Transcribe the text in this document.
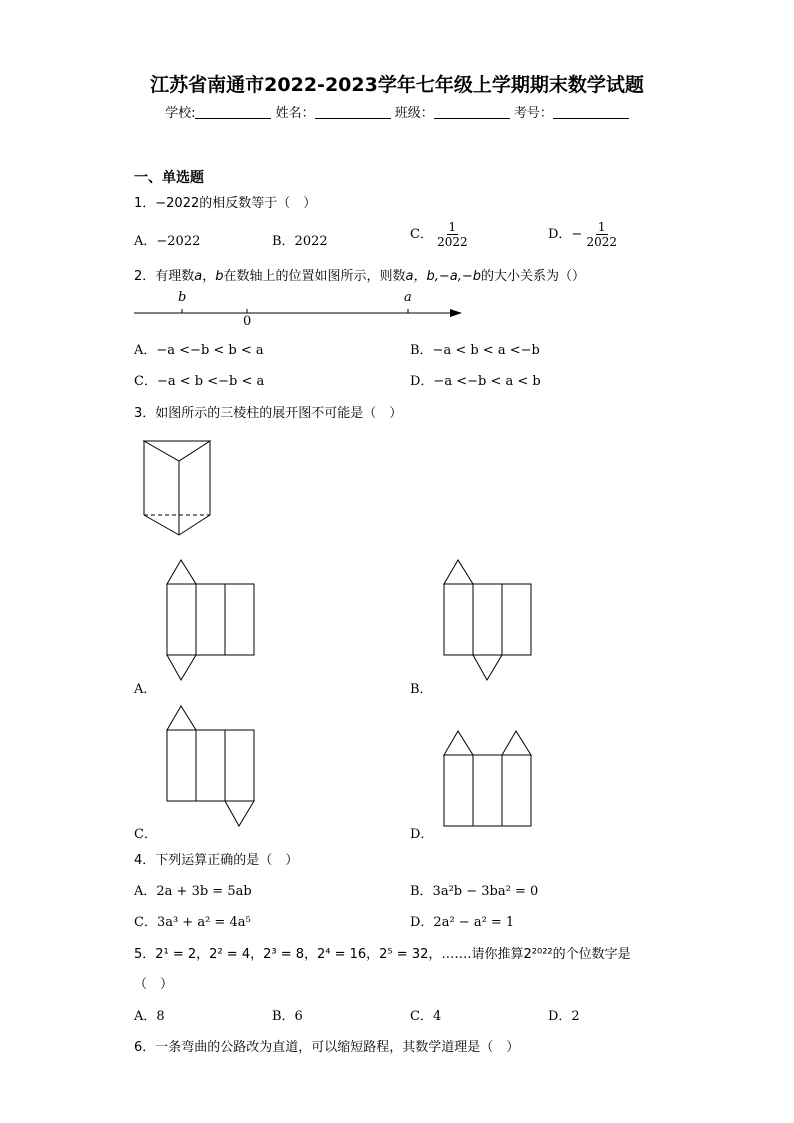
江苏省南通市2022-2023学年七年级上学期期末数学试题
学校:	姓名：	班级：	考号：
一、单选题
1．−2022的相反数等于（　）
A．−2022	B．2022	C． $\frac{1}{2022}$	D．− $\frac{1}{2022}$
2．有理数a，b在数轴上的位置如图所示，则数a，b,−a,−b的大小关系为（）
b
0
a
A．−a <−b < b < a	B．−a < b < a <−b
C．−a < b <−b < a	D．−a <−b < a < b
3．如图所示的三棱柱的展开图不可能是（　）
A．	B．
C．	D．
4．下列运算正确的是（　）
A．2a + 3b = 5ab	B．3a²b − 3ba² = 0
C．3a³ + a² = 4a⁵	D．2a² − a² = 1
5．2¹ = 2，2² = 4，2³ = 8，2⁴ = 16，2⁵ = 32，…….请你推算2²⁰²²的个位数字是
（　）
A．8	B．6	C．4	D．2
6．一条弯曲的公路改为直道，可以缩短路程，其数学道理是（　）
